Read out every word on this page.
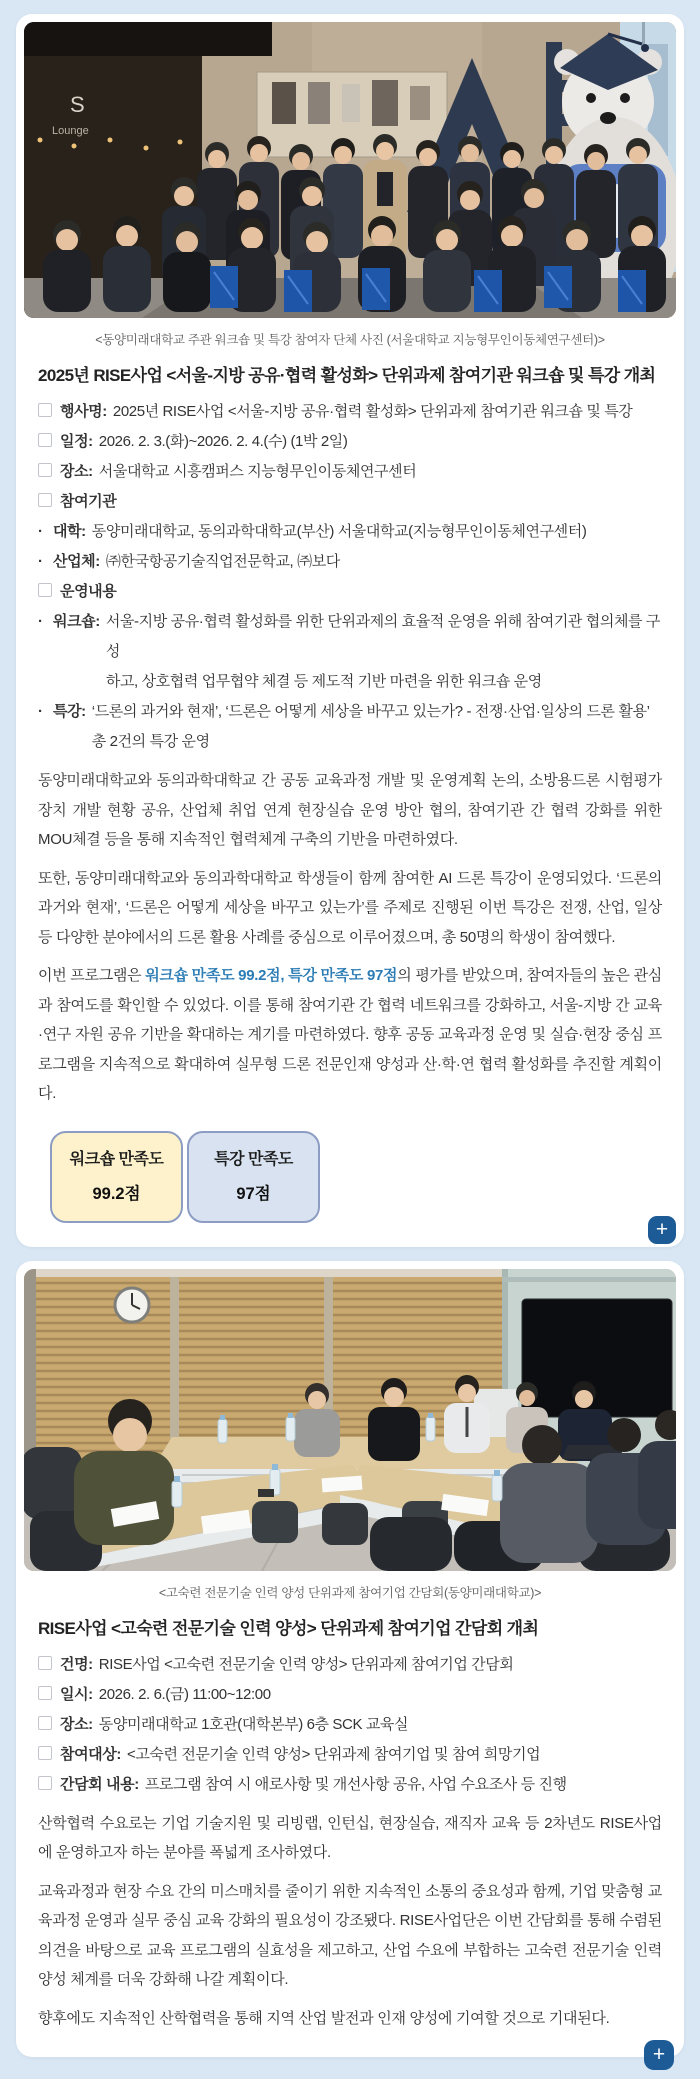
S
Lounge

<동양미래대학교 주관 워크숍 및 특강 참여자 단체 사진 (서울대학교 지능형무인이동체연구센터)>

2025년 RISE사업 <서울-지방 공유·협력 활성화> 단위과제 참여기관 워크숍 및 특강 개최
행사명: 2025년 RISE사업 <서울-지방 공유·협력 활성화> 단위과제 참여기관 워크숍 및 특강
일정: 2026. 2. 3.(화)~2026. 2. 4.(수) (1박 2일)
장소: 서울대학교 시흥캠퍼스 지능형무인이동체연구센터
참여기관
· 대학: 동양미래대학교, 동의과학대학교(부산) 서울대학교(지능형무인이동체연구센터)
· 산업체: ㈜한국항공기술직업전문학교, ㈜보다
운영내용
· 워크숍: 서울-지방 공유·협력 활성화를 위한 단위과제의 효율적 운영을 위해 참여기관 협의체를 구성
하고, 상호협력 업무협약 체결 등 제도적 기반 마련을 위한 워크숍 운영
· 특강: ‘드론의 과거와 현재’, ‘드론은 어떻게 세상을 바꾸고 있는가? - 전쟁·산업·일상의 드론 활용’
총 2건의 특강 운영

동양미래대학교와 동의과학대학교 간 공동 교육과정 개발 및 운영계획 논의, 소방용드론 시험평가장치 개발 현황 공유, 산업체 취업 연계 현장실습 운영 방안 협의, 참여기관 간 협력 강화를 위한 MOU체결 등을 통해 지속적인 협력체계 구축의 기반을 마련하였다.

또한, 동양미래대학교와 동의과학대학교 학생들이 함께 참여한 AI 드론 특강이 운영되었다. ‘드론의 과거와 현재’, ‘드론은 어떻게 세상을 바꾸고 있는가’를 주제로 진행된 이번 특강은 전쟁, 산업, 일상 등 다양한 분야에서의 드론 활용 사례를 중심으로 이루어졌으며, 총 50명의 학생이 참여했다.

이번 프로그램은 워크숍 만족도 99.2점, 특강 만족도 97점의 평가를 받았으며, 참여자들의 높은 관심과 참여도를 확인할 수 있었다. 이를 통해 참여기관 간 협력 네트워크를 강화하고, 서울-지방 간 교육·연구 자원 공유 기반을 확대하는 계기를 마련하였다. 향후 공동 교육과정 운영 및 실습·현장 중심 프로그램을 지속적으로 확대하여 실무형 드론 전문인재 양성과 산·학·연 협력 활성화를 추진할 계획이다.

워크숍 만족도
99.2점
특강 만족도
97점
+

<고숙련 전문기술 인력 양성 단위과제 참여기업 간담회(동양미래대학교)>

RISE사업 <고숙련 전문기술 인력 양성> 단위과제 참여기업 간담회 개최
건명: RISE사업 <고숙련 전문기술 인력 양성> 단위과제 참여기업 간담회
일시: 2026. 2. 6.(금) 11:00~12:00
장소: 동양미래대학교 1호관(대학본부) 6층 SCK 교육실
참여대상: <고숙련 전문기술 인력 양성> 단위과제 참여기업 및 참여 희망기업
간담회 내용: 프로그램 참여 시 애로사항 및 개선사항 공유, 사업 수요조사 등 진행

산학협력 수요로는 기업 기술지원 및 리빙랩, 인턴십, 현장실습, 재직자 교육 등 2차년도 RISE사업에 운영하고자 하는 분야를 폭넓게 조사하였다.

교육과정과 현장 수요 간의 미스매치를 줄이기 위한 지속적인 소통의 중요성과 함께, 기업 맞춤형 교육과정 운영과 실무 중심 교육 강화의 필요성이 강조됐다. RISE사업단은 이번 간담회를 통해 수렴된 의견을 바탕으로 교육 프로그램의 실효성을 제고하고, 산업 수요에 부합하는 고숙련 전문기술 인력 양성 체계를 더욱 강화해 나갈 계획이다.

향후에도 지속적인 산학협력을 통해 지역 산업 발전과 인재 양성에 기여할 것으로 기대된다.

+
